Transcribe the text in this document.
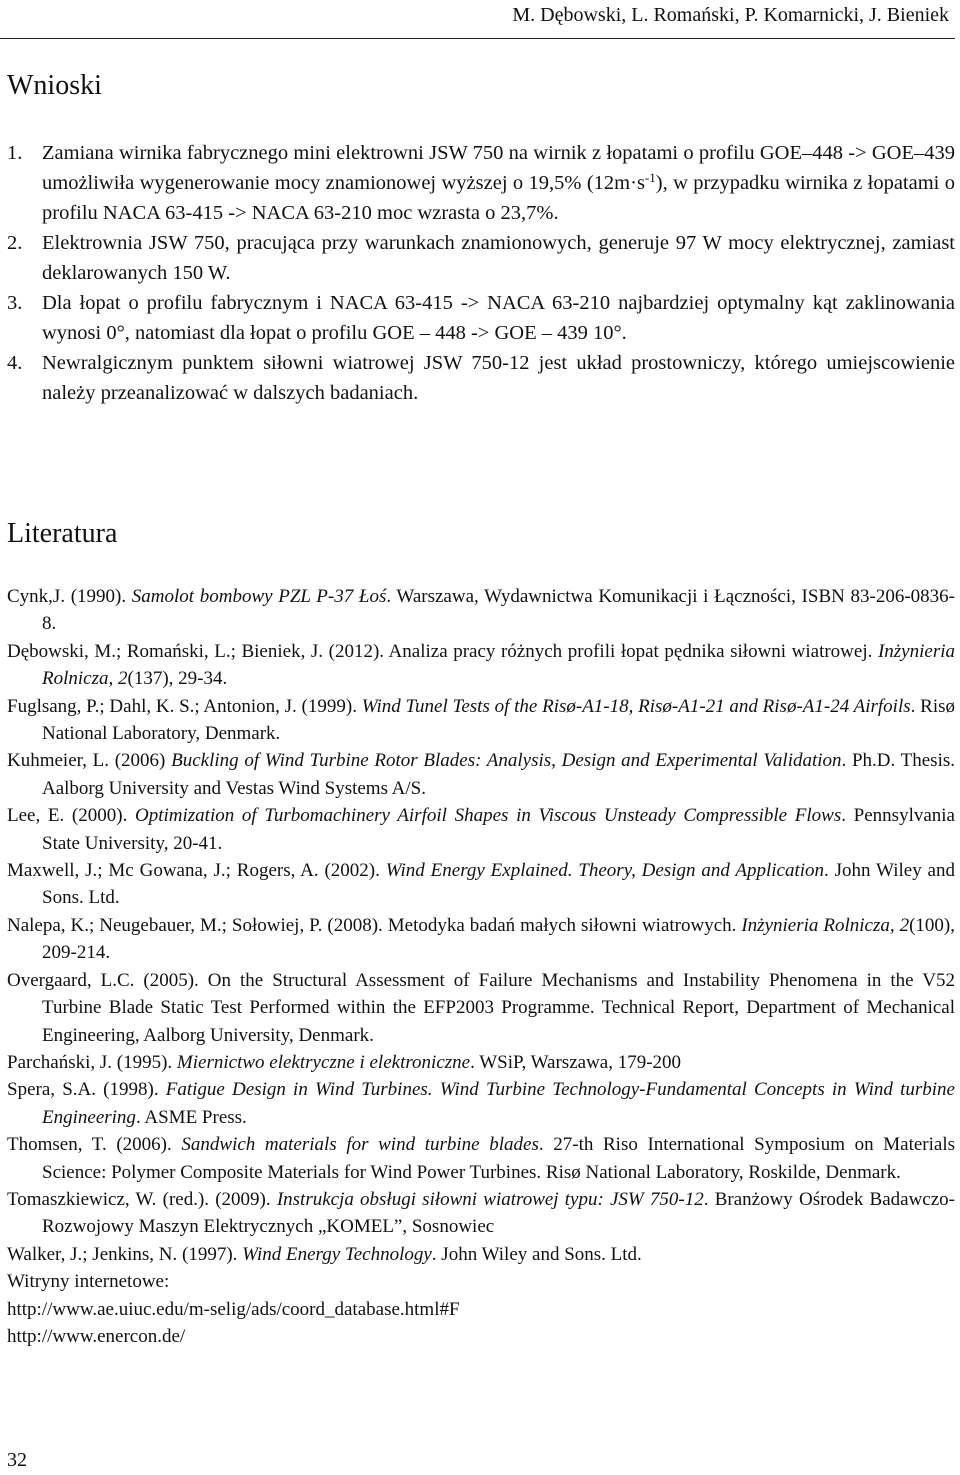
M. Dębowski, L. Romański, P. Komarnicki, J. Bieniek
Wnioski

1. Zamiana wirnika fabrycznego mini elektrowni JSW 750 na wirnik z łopatami o profilu GOE–448 -> GOE–439 umożliwiła wygenerowanie mocy znamionowej wyższej o 19,5% $(12m\cdot s^{-1})$, w przypadku wirnika z łopatami o profilu NACA 63-415 -> NACA 63-210 moc wzrasta o 23,7%.

2. Elektrownia JSW 750, pracująca przy warunkach znamionowych, generuje 97 W mocy elektrycznej, zamiast deklarowanych 150 W.

3. Dla łopat o profilu fabrycznym i NACA 63-415 -> NACA 63-210 najbardziej optymalny kąt zaklinowania wynosi 0°, natomiast dla łopat o profilu GOE – 448 -> GOE – 439 10°.

4. Newralgicznym punktem siłowni wiatrowej JSW 750-12 jest układ prostowniczy, którego umiejscowienie należy przeanalizować w dalszych badaniach.

Literatura

Cynk,J. (1990). Samolot bombowy PZL P-37 Łoś. Warszawa, Wydawnictwa Komunikacji i Łączności, ISBN 83-206-0836-8.

Dębowski, M.; Romański, L.; Bieniek, J. (2012). Analiza pracy różnych profili łopat pędnika siłowni wiatrowej. Inżynieria Rolnicza, 2(137), 29-34.

Fuglsang, P.; Dahl, K. S.; Antonion, J. (1999). Wind Tunel Tests of the Risø-A1-18, Risø-A1-21 and Risø-A1-24 Airfoils. Risø National Laboratory, Denmark.

Kuhmeier, L. (2006) Buckling of Wind Turbine Rotor Blades: Analysis, Design and Experimental Validation. Ph.D. Thesis. Aalborg University and Vestas Wind Systems A/S.

Lee, E. (2000). Optimization of Turbomachinery Airfoil Shapes in Viscous Unsteady Compressible Flows. Pennsylvania State University, 20-41.

Maxwell, J.; Mc Gowana, J.; Rogers, A. (2002). Wind Energy Explained. Theory, Design and Application. John Wiley and Sons. Ltd.

Nalepa, K.; Neugebauer, M.; Sołowiej, P. (2008). Metodyka badań małych siłowni wiatrowych. Inżynieria Rolnicza, 2(100), 209-214.

Overgaard, L.C. (2005). On the Structural Assessment of Failure Mechanisms and Instability Phenomena in the V52 Turbine Blade Static Test Performed within the EFP2003 Programme. Technical Report, Department of Mechanical Engineering, Aalborg University, Denmark.

Parchański, J. (1995). Miernictwo elektryczne i elektroniczne. WSiP, Warszawa, 179-200

Spera, S.A. (1998). Fatigue Design in Wind Turbines. Wind Turbine Technology-Fundamental Concepts in Wind turbine Engineering. ASME Press.

Thomsen, T. (2006). Sandwich materials for wind turbine blades. 27-th Riso International Symposium on Materials Science: Polymer Composite Materials for Wind Power Turbines. Risø National Laboratory, Roskilde, Denmark.

Tomaszkiewicz, W. (red.). (2009). Instrukcja obsługi siłowni wiatrowej typu: JSW 750-12. Branżowy Ośrodek Badawczo-Rozwojowy Maszyn Elektrycznych „KOMEL”, Sosnowiec

Walker, J.; Jenkins, N. (1997). Wind Energy Technology. John Wiley and Sons. Ltd.

Witryny internetowe:

http://www.ae.uiuc.edu/m-selig/ads/coord_database.html#F

http://www.enercon.de/

32
